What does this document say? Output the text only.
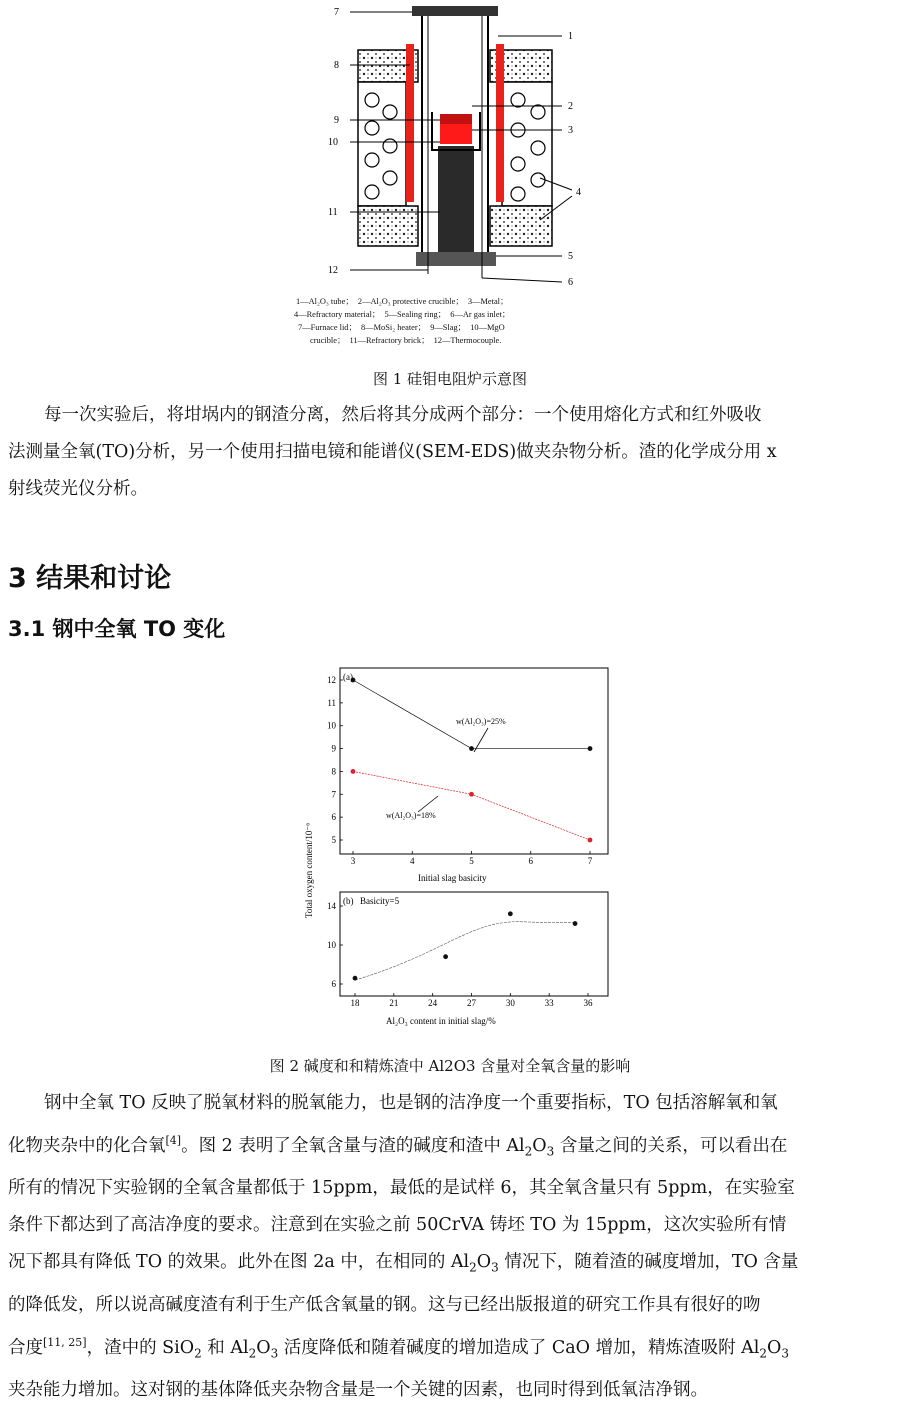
7
8
9
10
11
12
1
2
3
4
5
6
1—Al₂O₃ tube；　2—Al₂O₃ protective crucible；　3—Metal；
4—Refractory material；　5—Sealing ring；　6—Ar gas inlet；
7—Furnace lid；　8—MoSi₂ heater；　9—Slag；　10—MgO
crucible；　11—Refractory brick；　12—Thermocouple.
图 1 硅钼电阻炉示意图
每一次实验后，将坩埚内的钢渣分离，然后将其分成两个部分：一个使用熔化方式和红外吸收
法测量全氧(TO)分析，另一个使用扫描电镜和能谱仪(SEM-EDS)做夹杂物分析。渣的化学成分用 x
射线荧光仪分析。
3 结果和讨论
3.1 钢中全氧 TO 变化
3	4	5	6	7
5
6
7
8
9
10
11
12
18	21	24	27	30	33	36
6
10
14
(a)
(b) Basicity=5
Initial slag basicity
Al₂O₃ content in initial slag/%
Total oxygen content/10⁻⁶
w(Al₂O₃)=25%
w(Al₂O₃)=18%
图 2 碱度和和精炼渣中 Al2O3 含量对全氧含量的影响
钢中全氧 TO 反映了脱氧材料的脱氧能力，也是钢的洁净度一个重要指标，TO 包括溶解氧和氧
化物夹杂中的化合氧[4]。图 2 表明了全氧含量与渣的碱度和渣中 $Al_2O_3$ 含量之间的关系，可以看出在
所有的情况下实验钢的全氧含量都低于 15ppm，最低的是试样 6，其全氧含量只有 5ppm，在实验室
条件下都达到了高洁净度的要求。注意到在实验之前 50CrVA 铸坯 TO 为 15ppm，这次实验所有情
况下都具有降低 TO 的效果。此外在图 2a 中，在相同的 $Al_2O_3$ 情况下，随着渣的碱度增加，TO 含量
的降低发，所以说高碱度渣有利于生产低含氧量的钢。这与已经出版报道的研究工作具有很好的吻
合度[11, 25]，渣中的 SiO$_2$ 和 $Al_2O_3$ 活度降低和随着碱度的增加造成了 CaO 增加，精炼渣吸附 $Al_2O_3$
夹杂能力增加。这对钢的基体降低夹杂物含量是一个关键的因素，也同时得到低氧洁净钢。
